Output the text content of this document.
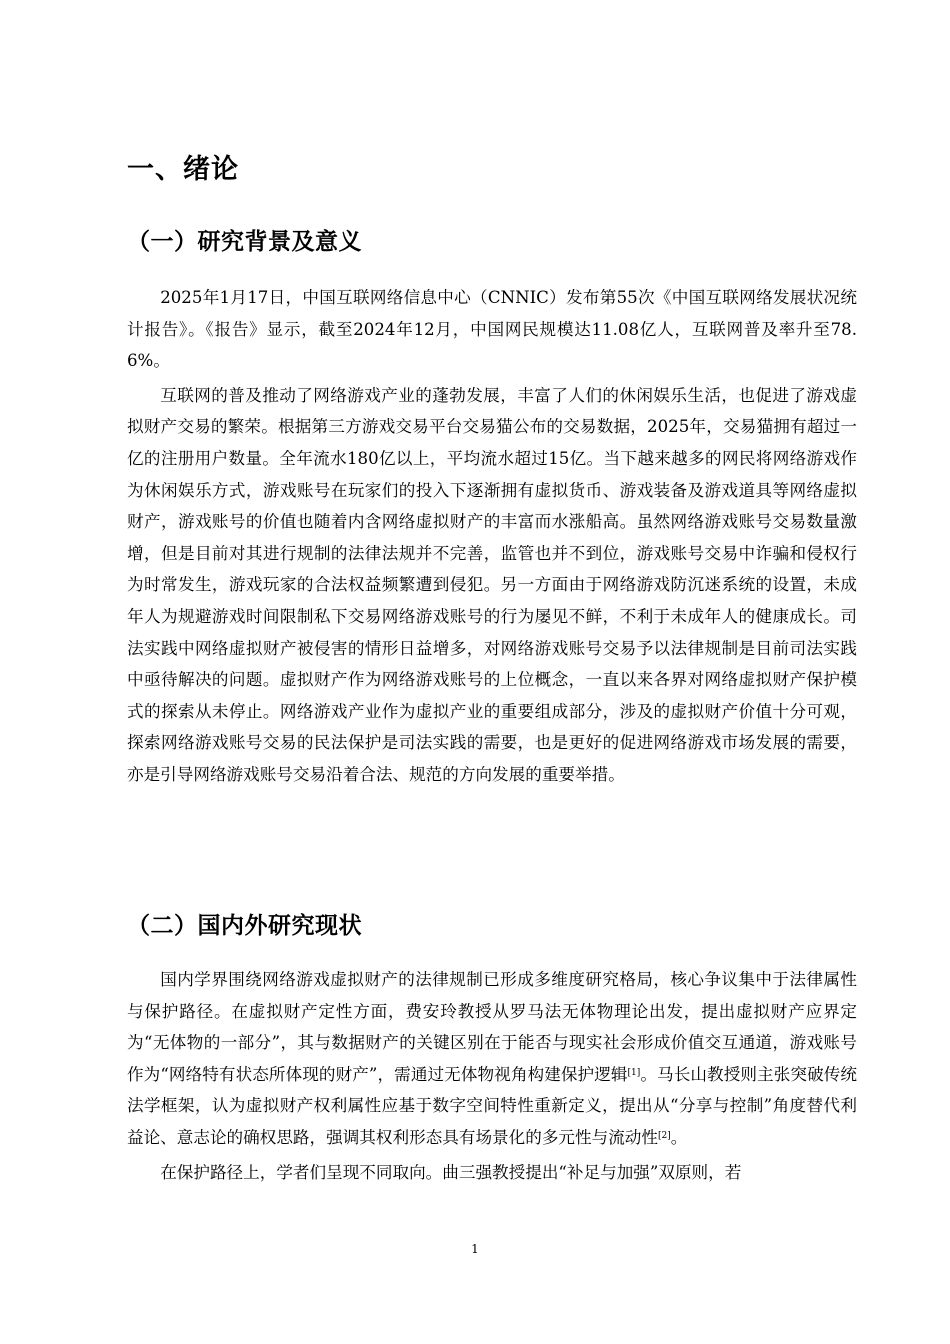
一、绪论
（一）研究背景及意义

2025年1月17日，中国互联网络信息中心（CNNIC）发布第55次《中国互联网络发展状况统计报告》。《报告》显示，截至2024年12月，中国网民规模达11.08亿人，互联网普及率升至78.6%。

互联网的普及推动了网络游戏产业的蓬勃发展，丰富了人们的休闲娱乐生活，也促进了游戏虚拟财产交易的繁荣。根据第三方游戏交易平台交易猫公布的交易数据，2025年，交易猫拥有超过一亿的注册用户数量。全年流水180亿以上，平均流水超过15亿。当下越来越多的网民将网络游戏作为休闲娱乐方式，游戏账号在玩家们的投入下逐渐拥有虚拟货币、游戏装备及游戏道具等网络虚拟财产，游戏账号的价值也随着内含网络虚拟财产的丰富而水涨船高。虽然网络游戏账号交易数量激增，但是目前对其进行规制的法律法规并不完善，监管也并不到位，游戏账号交易中诈骗和侵权行为时常发生，游戏玩家的合法权益频繁遭到侵犯。另一方面由于网络游戏防沉迷系统的设置，未成年人为规避游戏时间限制私下交易网络游戏账号的行为屡见不鲜，不利于未成年人的健康成长。司法实践中网络虚拟财产被侵害的情形日益增多，对网络游戏账号交易予以法律规制是目前司法实践中亟待解决的问题。虚拟财产作为网络游戏账号的上位概念，一直以来各界对网络虚拟财产保护模式的探索从未停止。网络游戏产业作为虚拟产业的重要组成部分，涉及的虚拟财产价值十分可观，探索网络游戏账号交易的民法保护是司法实践的需要，也是更好的促进网络游戏市场发展的需要，亦是引导网络游戏账号交易沿着合法、规范的方向发展的重要举措。

（二）国内外研究现状

国内学界围绕网络游戏虚拟财产的法律规制已形成多维度研究格局，核心争议集中于法律属性与保护路径。在虚拟财产定性方面，费安玲教授从罗马法无体物理论出发，提出虚拟财产应界定为“无体物的一部分”，其与数据财产的关键区别在于能否与现实社会形成价值交互通道，游戏账号作为“网络特有状态所体现的财产”，需通过无体物视角构建保护逻辑[1]。马长山教授则主张突破传统法学框架，认为虚拟财产权利属性应基于数字空间特性重新定义，提出从“分享与控制”角度替代利益论、意志论的确权思路，强调其权利形态具有场景化的多元性与流动性[2]。

在保护路径上，学者们呈现不同取向。曲三强教授提出“补足与加强”双原则，若

1
